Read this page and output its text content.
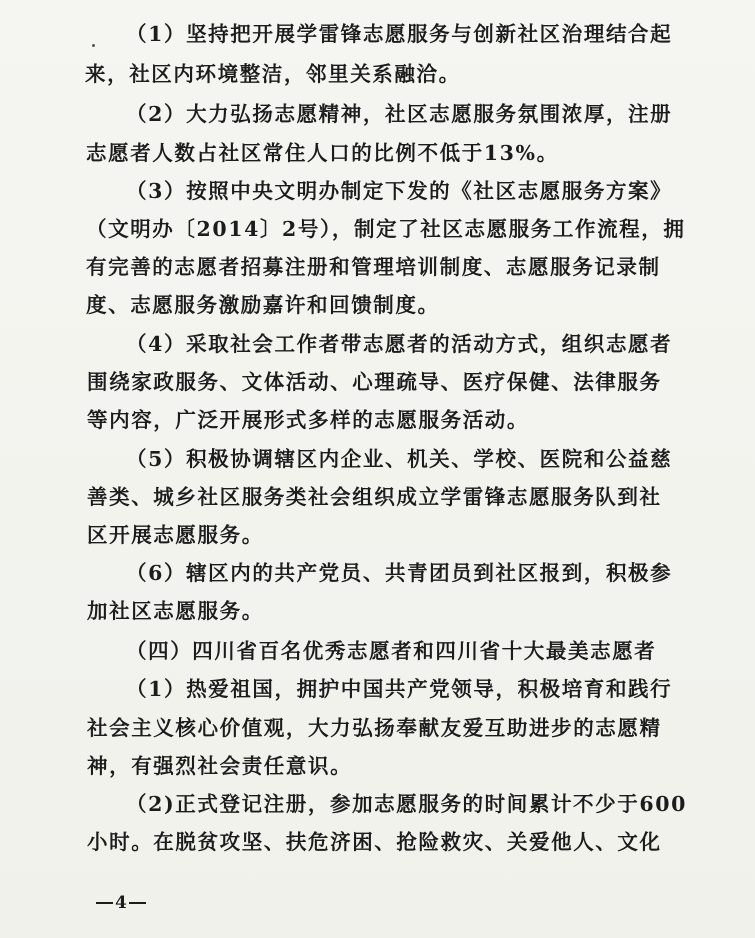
（1）坚持把开展学雷锋志愿服务与创新社区治理结合起
来，社区内环境整洁，邻里关系融洽。
（2）大力弘扬志愿精神，社区志愿服务氛围浓厚，注册
志愿者人数占社区常住人口的比例不低于13%。
（3）按照中央文明办制定下发的《社区志愿服务方案》
（文明办〔2014〕2号），制定了社区志愿服务工作流程，拥
有完善的志愿者招募注册和管理培训制度、志愿服务记录制
度、志愿服务激励嘉许和回馈制度。
（4）采取社会工作者带志愿者的活动方式，组织志愿者
围绕家政服务、文体活动、心理疏导、医疗保健、法律服务
等内容，广泛开展形式多样的志愿服务活动。
（5）积极协调辖区内企业、机关、学校、医院和公益慈
善类、城乡社区服务类社会组织成立学雷锋志愿服务队到社
区开展志愿服务。
（6）辖区内的共产党员、共青团员到社区报到，积极参
加社区志愿服务。
（四）四川省百名优秀志愿者和四川省十大最美志愿者
（1）热爱祖国，拥护中国共产党领导，积极培育和践行
社会主义核心价值观，大力弘扬奉献友爱互助进步的志愿精
神，有强烈社会责任意识。
（2)正式登记注册，参加志愿服务的时间累计不少于600
小时。在脱贫攻坚、扶危济困、抢险救灾、关爱他人、文化
4
